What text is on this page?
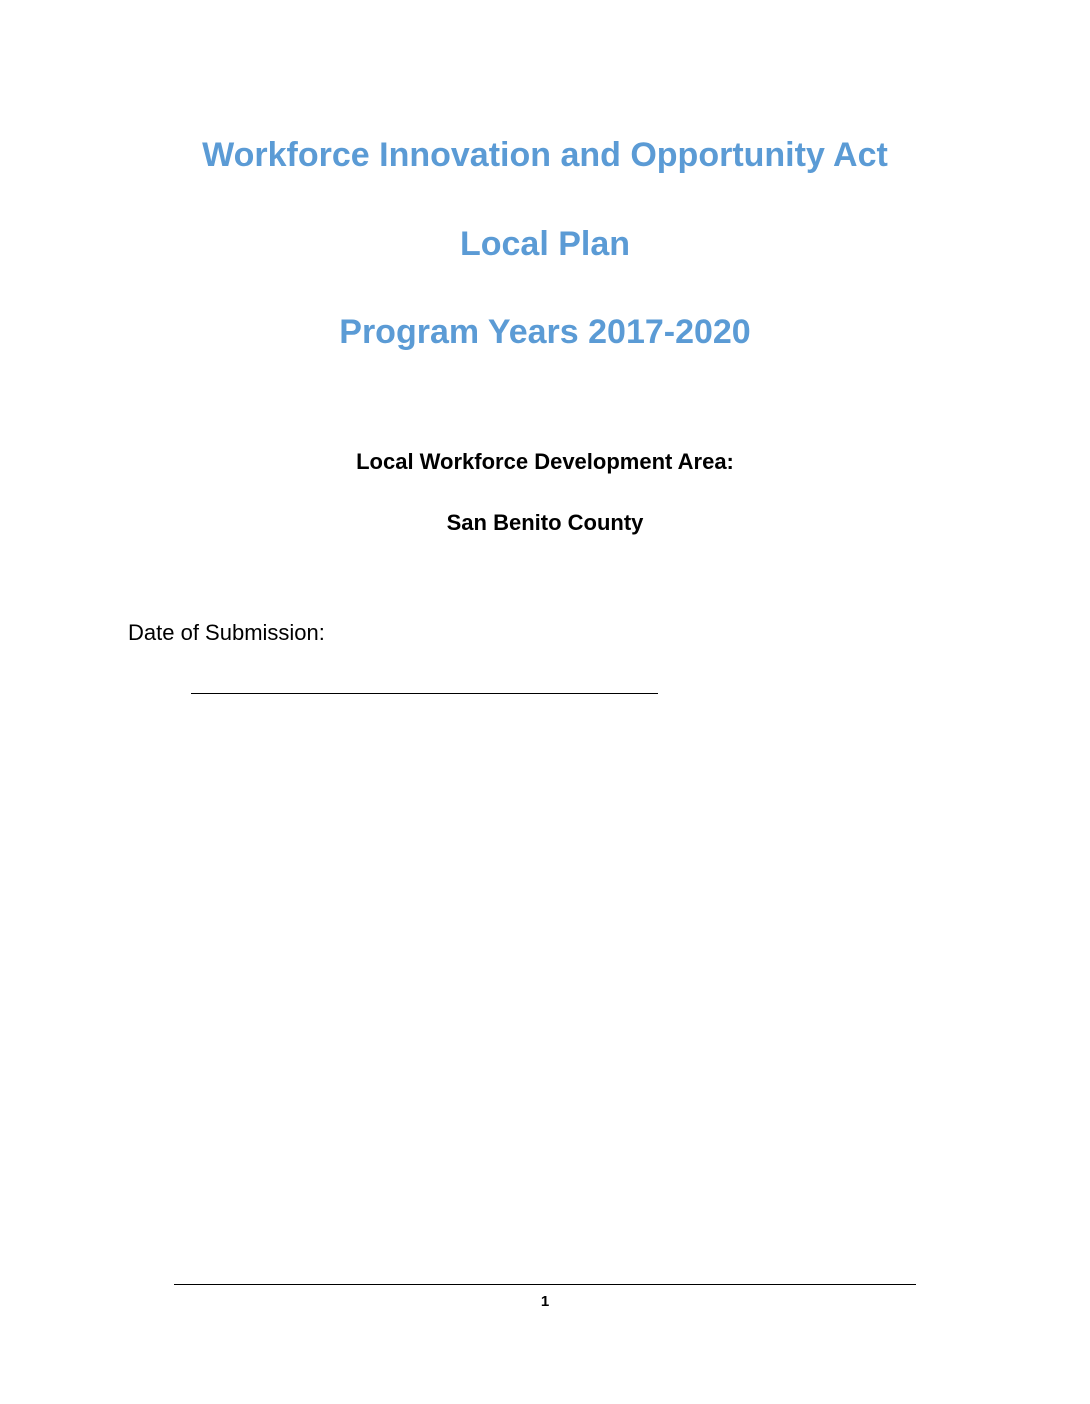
Workforce Innovation and Opportunity Act
Local Plan
Program Years 2017-2020
Local Workforce Development Area:
San Benito County
Date of Submission:
1
